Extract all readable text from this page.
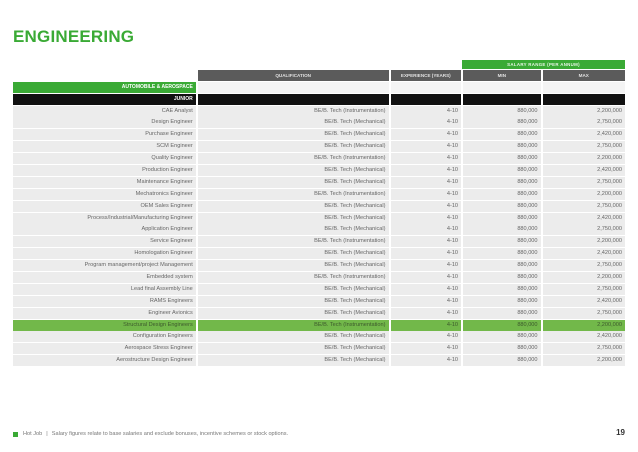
ENGINEERING
SALARY RANGE (PER ANNUM)
QUALIFICATION	EXPERIENCE (YEARS)	MIN	MAX
AUTOMOBILE & AEROSPACE
JUNIOR
CAE Analyst	BE/B. Tech (Instrumentation)	4-10	880,000	2,200,000
Design Engineer	BE/B. Tech (Mechanical)	4-10	880,000	2,750,000
Purchase Engineer	BE/B. Tech (Mechanical)	4-10	880,000	2,420,000
SCM Engineer	BE/B. Tech (Mechanical)	4-10	880,000	2,750,000
Quality Engineer	BE/B. Tech (Instrumentation)	4-10	880,000	2,200,000
Production Engineer	BE/B. Tech (Mechanical)	4-10	880,000	2,420,000
Maintenance Engineer	BE/B. Tech (Mechanical)	4-10	880,000	2,750,000
Mechatronics Engineer	BE/B. Tech (Instrumentation)	4-10	880,000	2,200,000
OEM Sales Engineer	BE/B. Tech (Mechanical)	4-10	880,000	2,750,000
Process/Industrial/Manufacturing Engineer	BE/B. Tech (Mechanical)	4-10	880,000	2,420,000
Application Engineer	BE/B. Tech (Mechanical)	4-10	880,000	2,750,000
Service Engineer	BE/B. Tech (Instrumentation)	4-10	880,000	2,200,000
Homologation Engineer	BE/B. Tech (Mechanical)	4-10	880,000	2,420,000
Program management/project Management	BE/B. Tech (Mechanical)	4-10	880,000	2,750,000
Embedded system	BE/B. Tech (Instrumentation)	4-10	880,000	2,200,000
Lead final Assembly Line	BE/B. Tech (Mechanical)	4-10	880,000	2,750,000
RAMS Engineers	BE/B. Tech (Mechanical)	4-10	880,000	2,420,000
Engineer Avionics	BE/B. Tech (Mechanical)	4-10	880,000	2,750,000
Structural Design Engineers	BE/B. Tech (Instrumentation)	4-10	880,000	2,200,000
Configuration Engineers	BE/B. Tech (Mechanical)	4-10	880,000	2,420,000
Aerospace Stress Engineer	BE/B. Tech (Mechanical)	4-10	880,000	2,750,000
Aerostructure Design Engineer	BE/B. Tech (Mechanical)	4-10	880,000	2,200,000
Hot Job | Salary figures relate to base salaries and exclude bonuses, incentive schemes or stock options.	19
